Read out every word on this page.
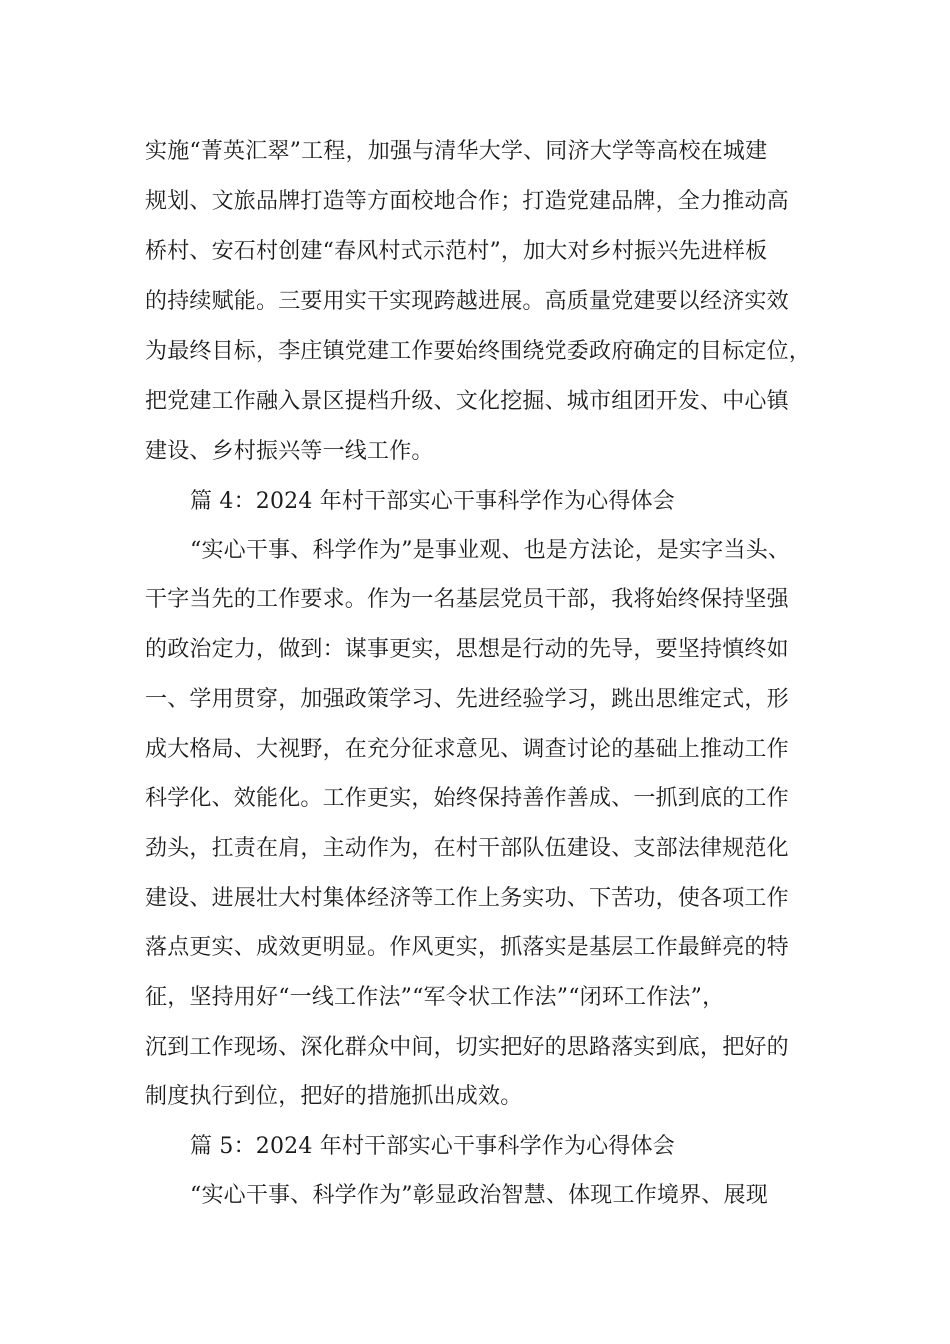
实施“菁英汇翠”工程，加强与清华大学、同济大学等高校在城建
规划、文旅品牌打造等方面校地合作；打造党建品牌，全力推动高
桥村、安石村创建“春风村式示范村”，加大对乡村振兴先进样板
的持续赋能。三要用实干实现跨越进展。高质量党建要以经济实效
为最终目标，李庄镇党建工作要始终围绕党委政府确定的目标定位，
把党建工作融入景区提档升级、文化挖掘、城市组团开发、中心镇
建设、乡村振兴等一线工作。
篇 4：2024 年村干部实心干事科学作为心得体会
“实心干事、科学作为”是事业观、也是方法论，是实字当头、
干字当先的工作要求。作为一名基层党员干部，我将始终保持坚强
的政治定力，做到：谋事更实，思想是行动的先导，要坚持慎终如
一、学用贯穿，加强政策学习、先进经验学习，跳出思维定式，形
成大格局、大视野，在充分征求意见、调查讨论的基础上推动工作
科学化、效能化。工作更实，始终保持善作善成、一抓到底的工作
劲头，扛责在肩，主动作为，在村干部队伍建设、支部法律规范化
建设、进展壮大村集体经济等工作上务实功、下苦功，使各项工作
落点更实、成效更明显。作风更实，抓落实是基层工作最鲜亮的特
征，坚持用好“一线工作法”“军令状工作法”“闭环工作法”，
沉到工作现场、深化群众中间，切实把好的思路落实到底，把好的
制度执行到位，把好的措施抓出成效。
篇 5：2024 年村干部实心干事科学作为心得体会
“实心干事、科学作为”彰显政治智慧、体现工作境界、展现
